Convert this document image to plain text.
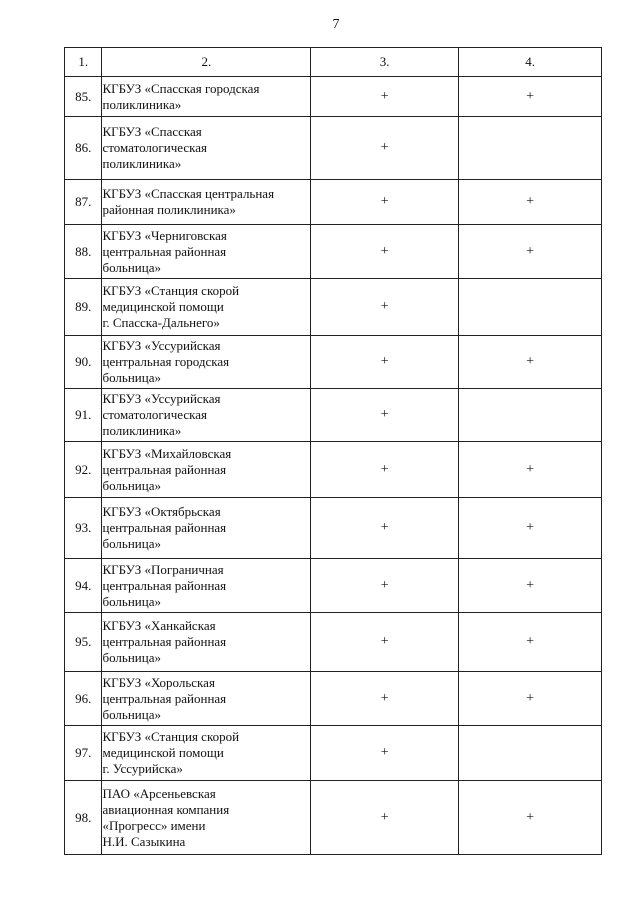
7
1.	2.	3.	4.
85.	КГБУЗ «Спасская городская
поликлиника»	+	+
86.	КГБУЗ «Спасская
стоматологическая
поликлиника»	+	
87.	КГБУЗ «Спасская центральная
районная поликлиника»	+	+
88.	КГБУЗ «Черниговская
центральная районная
больница»	+	+
89.	КГБУЗ «Станция скорой
медицинской помощи
г. Спасска-Дальнего»	+	
90.	КГБУЗ «Уссурийская
центральная городская
больница»	+	+
91.	КГБУЗ «Уссурийская
стоматологическая
поликлиника»	+	
92.	КГБУЗ «Михайловская
центральная районная
больница»	+	+
93.	КГБУЗ «Октябрьская
центральная районная
больница»	+	+
94.	КГБУЗ «Пограничная
центральная районная
больница»	+	+
95.	КГБУЗ «Ханкайская
центральная районная
больница»	+	+
96.	КГБУЗ «Хорольская
центральная районная
больница»	+	+
97.	КГБУЗ «Станция скорой
медицинской помощи
г. Уссурийска»	+	
98.	ПАО «Арсеньевская
авиационная компания
«Прогресс» имени
Н.И. Сазыкина	+	+
